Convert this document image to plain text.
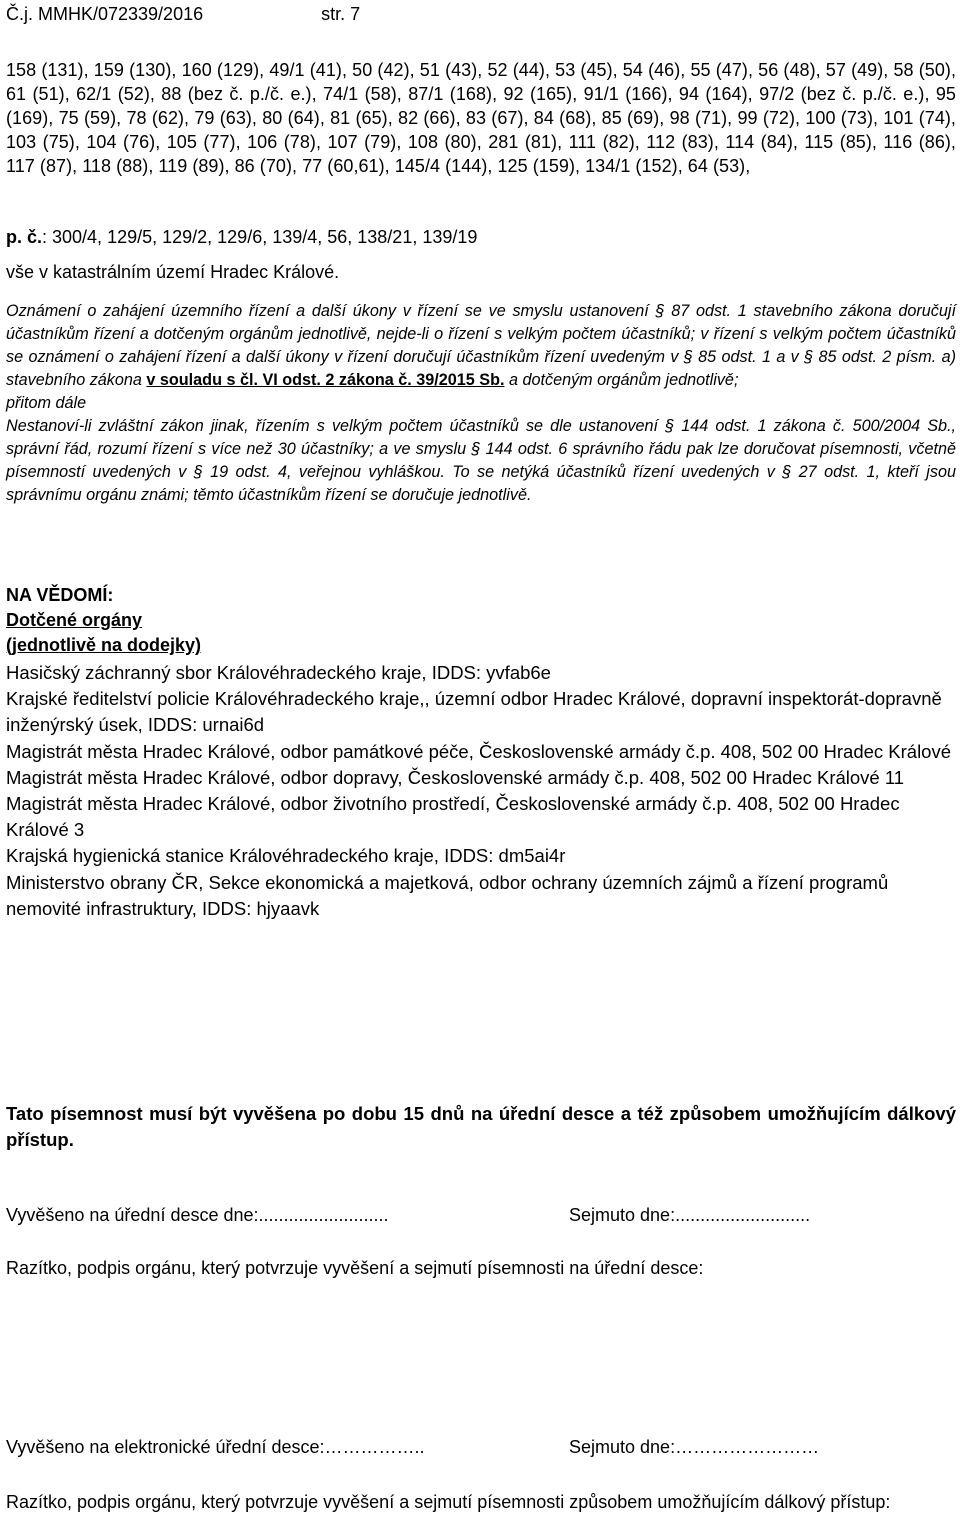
Č.j. MMHK/072339/2016	str. 7
158 (131), 159 (130), 160 (129), 49/1 (41), 50 (42), 51 (43), 52 (44), 53 (45), 54 (46), 55 (47), 56 (48), 57 (49), 58 (50), 61 (51), 62/1 (52), 88 (bez č. p./č. e.), 74/1 (58), 87/1 (168), 92 (165), 91/1 (166), 94 (164), 97/2 (bez č. p./č. e.), 95 (169), 75 (59), 78 (62), 79 (63), 80 (64), 81 (65), 82 (66), 83 (67), 84 (68), 85 (69), 98 (71), 99 (72), 100 (73), 101 (74), 103 (75), 104 (76), 105 (77), 106 (78), 107 (79), 108 (80), 281 (81), 111 (82), 112 (83), 114 (84), 115 (85), 116 (86), 117 (87), 118 (88), 119 (89), 86 (70), 77 (60,61), 145/4 (144), 125 (159), 134/1 (152), 64 (53),
p. č.: 300/4, 129/5, 129/2, 129/6, 139/4, 56, 138/21, 139/19
vše v katastrálním území Hradec Králové.
Oznámení o zahájení územního řízení a další úkony v řízení se ve smyslu ustanovení § 87 odst. 1 stavebního zákona doručují účastníkům řízení a dotčeným orgánům jednotlivě, nejde-li o řízení s velkým počtem účastníků; v řízení s velkým počtem účastníků se oznámení o zahájení řízení a další úkony v řízení doručují účastníkům řízení uvedeným v § 85 odst. 1 a v § 85 odst. 2 písm. a) stavebního zákona v souladu s čl. VI odst. 2 zákona č. 39/2015 Sb. a dotčeným orgánům jednotlivě;
přitom dále
Nestanoví-li zvláštní zákon jinak, řízením s velkým počtem účastníků se dle ustanovení § 144 odst. 1 zákona č. 500/2004 Sb., správní řád, rozumí řízení s více než 30 účastníky; a ve smyslu § 144 odst. 6 správního řádu pak lze doručovat písemnosti, včetně písemností uvedených v § 19 odst. 4, veřejnou vyhláškou. To se netýká účastníků řízení uvedených v § 27 odst. 1, kteří jsou správnímu orgánu známi; těmto účastníkům řízení se doručuje jednotlivě.
NA VĚDOMÍ:
Dotčené orgány
(jednotlivě na dodejky)
Hasičský záchranný sbor Královéhradeckého kraje, IDDS: yvfab6e
Krajské ředitelství policie Královéhradeckého kraje,, územní odbor Hradec Králové, dopravní inspektorát-dopravně inženýrský úsek, IDDS: urnai6d
Magistrát města Hradec Králové, odbor památkové péče, Československé armády č.p. 408, 502 00 Hradec Králové
Magistrát města Hradec Králové, odbor dopravy, Československé armády č.p. 408, 502 00 Hradec Králové 11
Magistrát města Hradec Králové, odbor životního prostředí, Československé armády č.p. 408, 502 00 Hradec Králové 3
Krajská hygienická stanice Královéhradeckého kraje, IDDS: dm5ai4r
Ministerstvo obrany ČR, Sekce ekonomická a majetková, odbor ochrany územních zájmů a řízení programů nemovité infrastruktury, IDDS: hjyaavk
Tato písemnost musí být vyvěšena po dobu 15 dnů na úřední desce a též způsobem umožňujícím dálkový přístup.
Vyvěšeno na úřední desce dne:..........................	Sejmuto dne:...........................
Razítko, podpis orgánu, který potvrzuje vyvěšení a sejmutí písemnosti na úřední desce:
Vyvěšeno na elektronické úřední desce:……………..	Sejmuto dne:……………………
Razítko, podpis orgánu, který potvrzuje vyvěšení a sejmutí písemnosti způsobem umožňujícím dálkový přístup:
